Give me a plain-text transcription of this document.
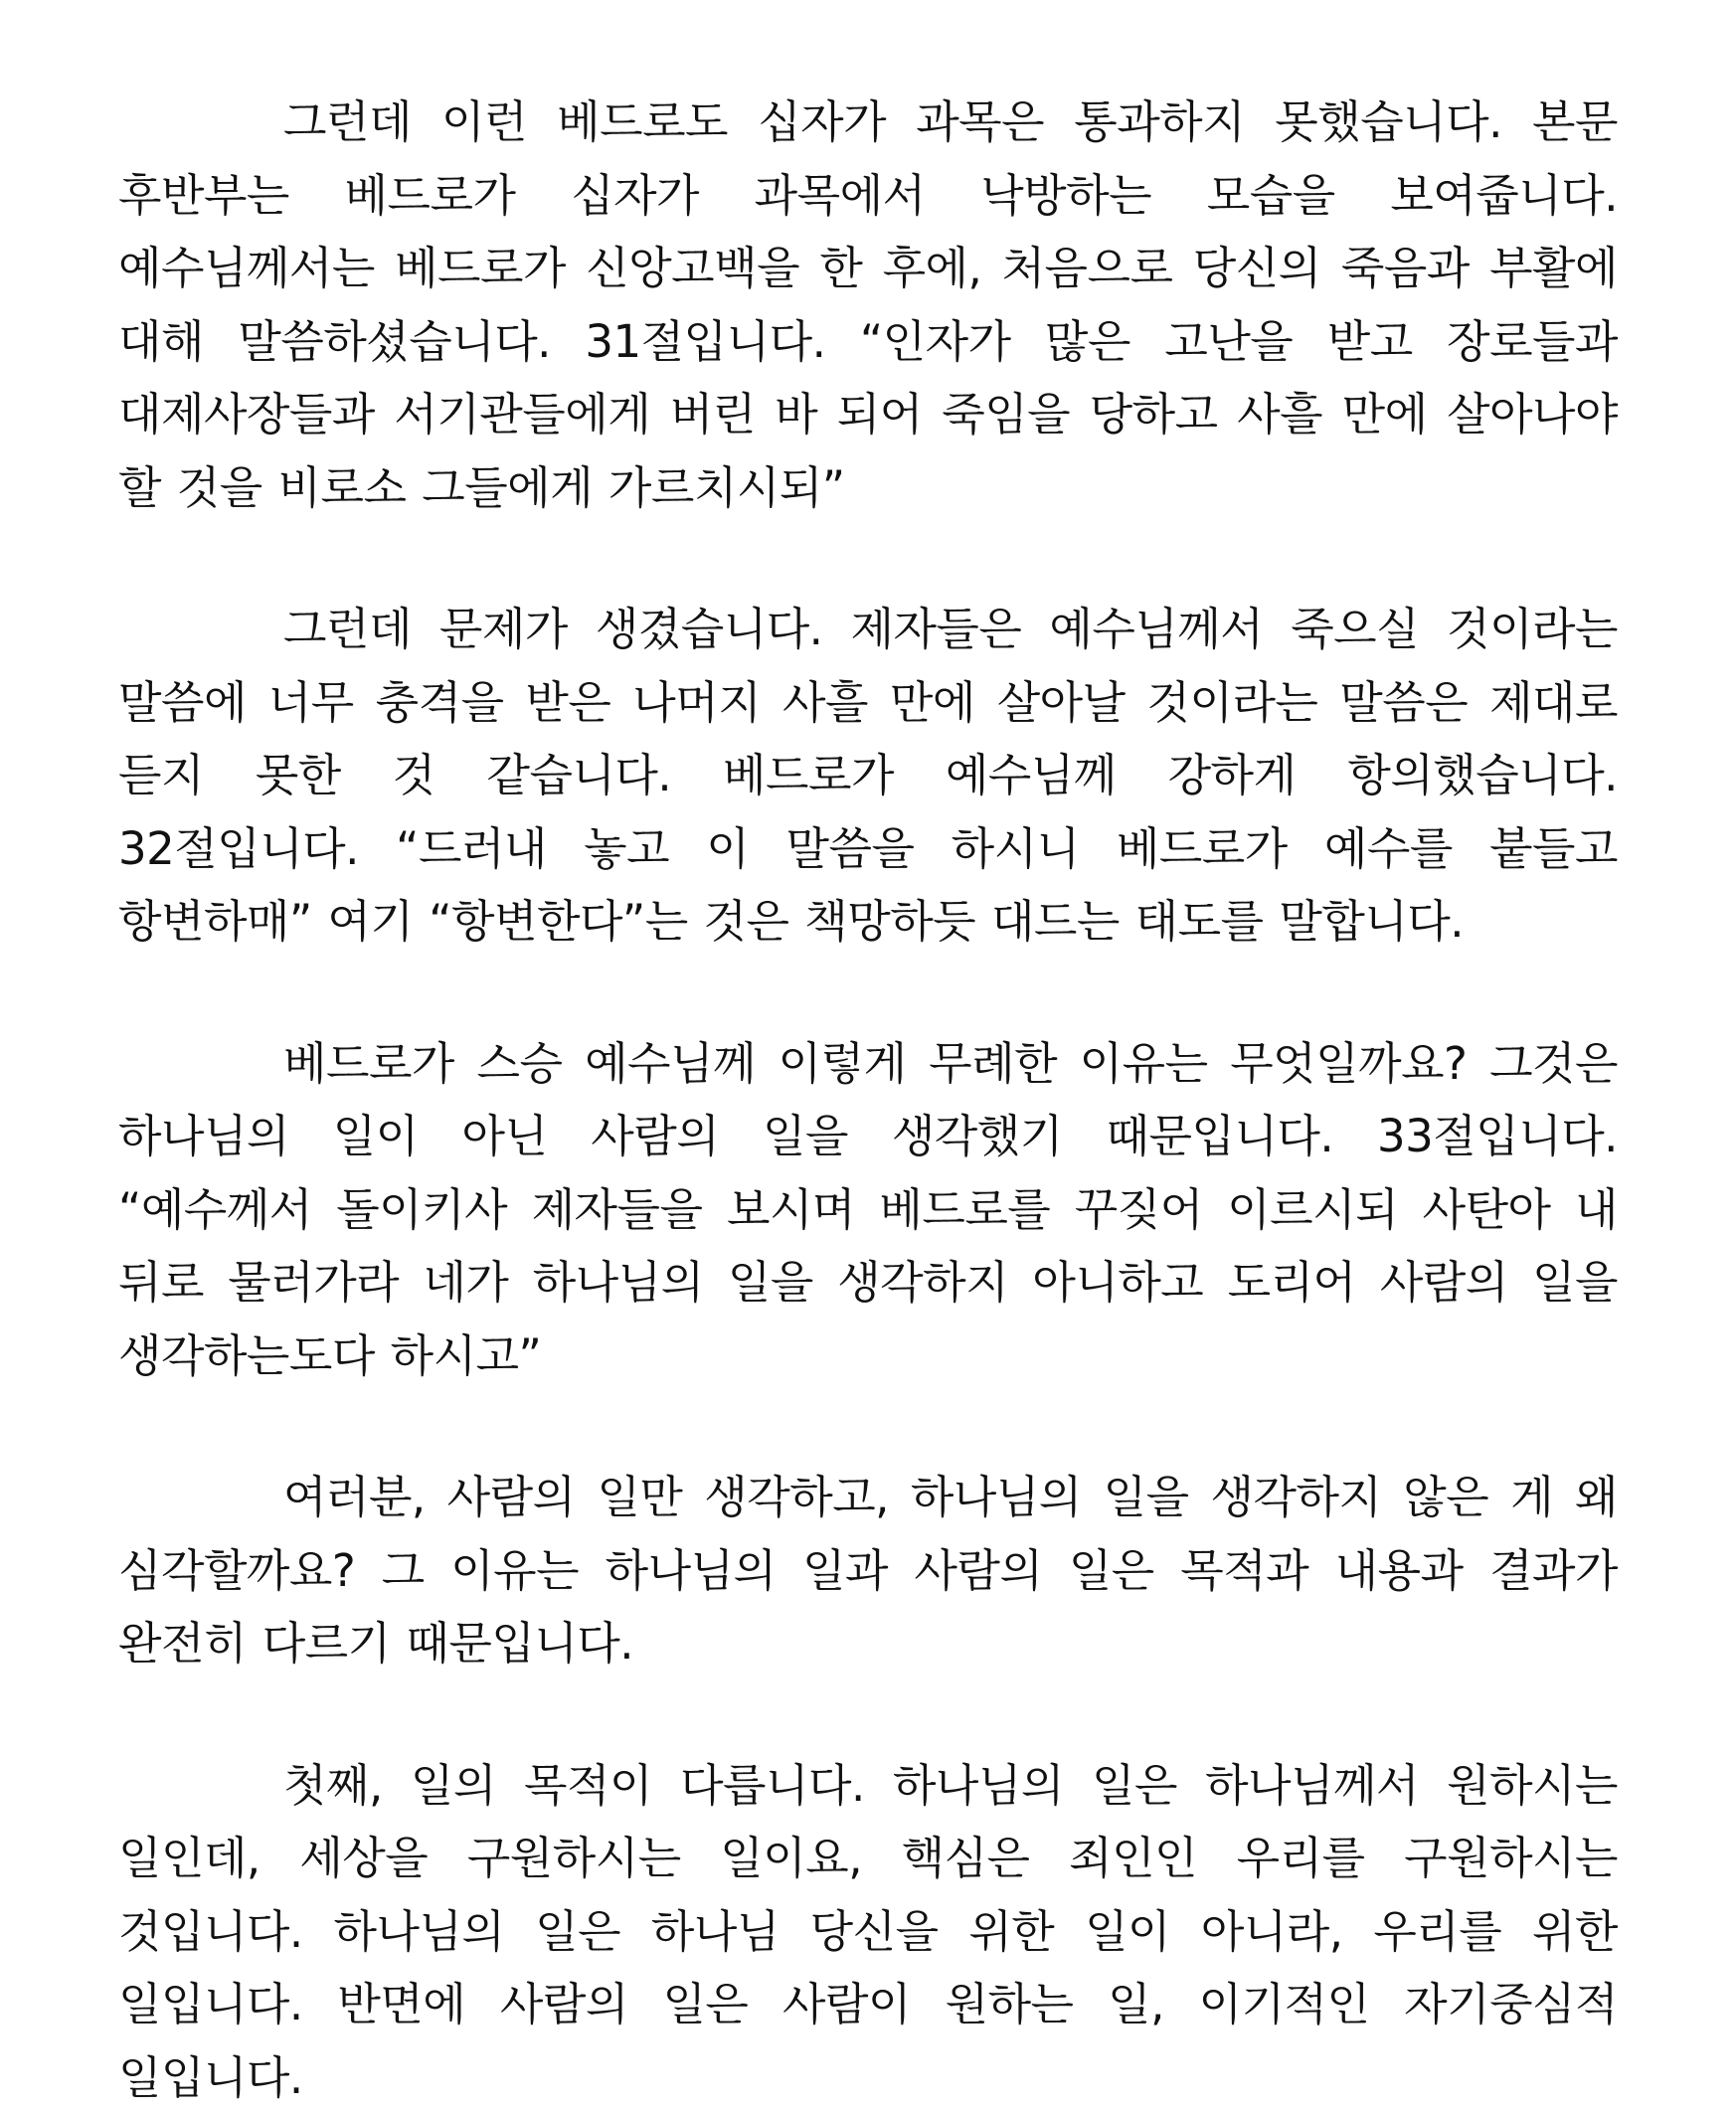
그런데 이런 베드로도 십자가 과목은 통과하지 못했습니다. 본문 후반부는 베드로가 십자가 과목에서 낙방하는 모습을 보여줍니다. 예수님께서는 베드로가 신앙고백을 한 후에, 처음으로 당신의 죽음과 부활에 대해 말씀하셨습니다. 31절입니다. “인자가 많은 고난을 받고 장로들과 대제사장들과 서기관들에게 버린 바 되어 죽임을 당하고 사흘 만에 살아나야 할 것을 비로소 그들에게 가르치시되”

그런데 문제가 생겼습니다. 제자들은 예수님께서 죽으실 것이라는 말씀에 너무 충격을 받은 나머지 사흘 만에 살아날 것이라는 말씀은 제대로 듣지 못한 것 같습니다. 베드로가 예수님께 강하게 항의했습니다. 32절입니다. “드러내 놓고 이 말씀을 하시니 베드로가 예수를 붙들고 항변하매” 여기 “항변한다”는 것은 책망하듯 대드는 태도를 말합니다.

베드로가 스승 예수님께 이렇게 무례한 이유는 무엇일까요? 그것은 하나님의 일이 아닌 사람의 일을 생각했기 때문입니다. 33절입니다. “예수께서 돌이키사 제자들을 보시며 베드로를 꾸짖어 이르시되 사탄아 내 뒤로 물러가라 네가 하나님의 일을 생각하지 아니하고 도리어 사람의 일을 생각하는도다 하시고”

여러분, 사람의 일만 생각하고, 하나님의 일을 생각하지 않은 게 왜 심각할까요? 그 이유는 하나님의 일과 사람의 일은 목적과 내용과 결과가 완전히 다르기 때문입니다.

첫째, 일의 목적이 다릅니다. 하나님의 일은 하나님께서 원하시는 일인데, 세상을 구원하시는 일이요, 핵심은 죄인인 우리를 구원하시는 것입니다. 하나님의 일은 하나님 당신을 위한 일이 아니라, 우리를 위한 일입니다. 반면에 사람의 일은 사람이 원하는 일, 이기적인 자기중심적 일입니다.
